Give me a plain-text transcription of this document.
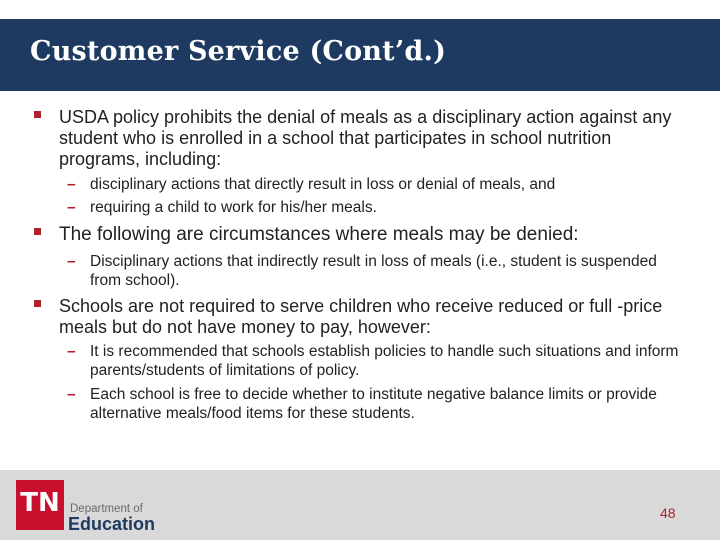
Customer Service (Cont’d.)
USDA policy prohibits the denial of meals as a disciplinary action against any student who is enrolled in a school that participates in school nutrition programs, including:
– disciplinary actions that directly result in loss or denial of meals, and
– requiring a child to work for his/her meals.
The following are circumstances where meals may be denied:
– Disciplinary actions that indirectly result in loss of meals (i.e., student is suspended from school).
Schools are not required to serve children who receive reduced or full -price meals but do not have money to pay, however:
– It is recommended that schools establish policies to handle such situations and inform parents/students of limitations of policy.
– Each school is free to decide whether to institute negative balance limits or provide alternative meals/food items for these students.
TN Department of
Education
48
